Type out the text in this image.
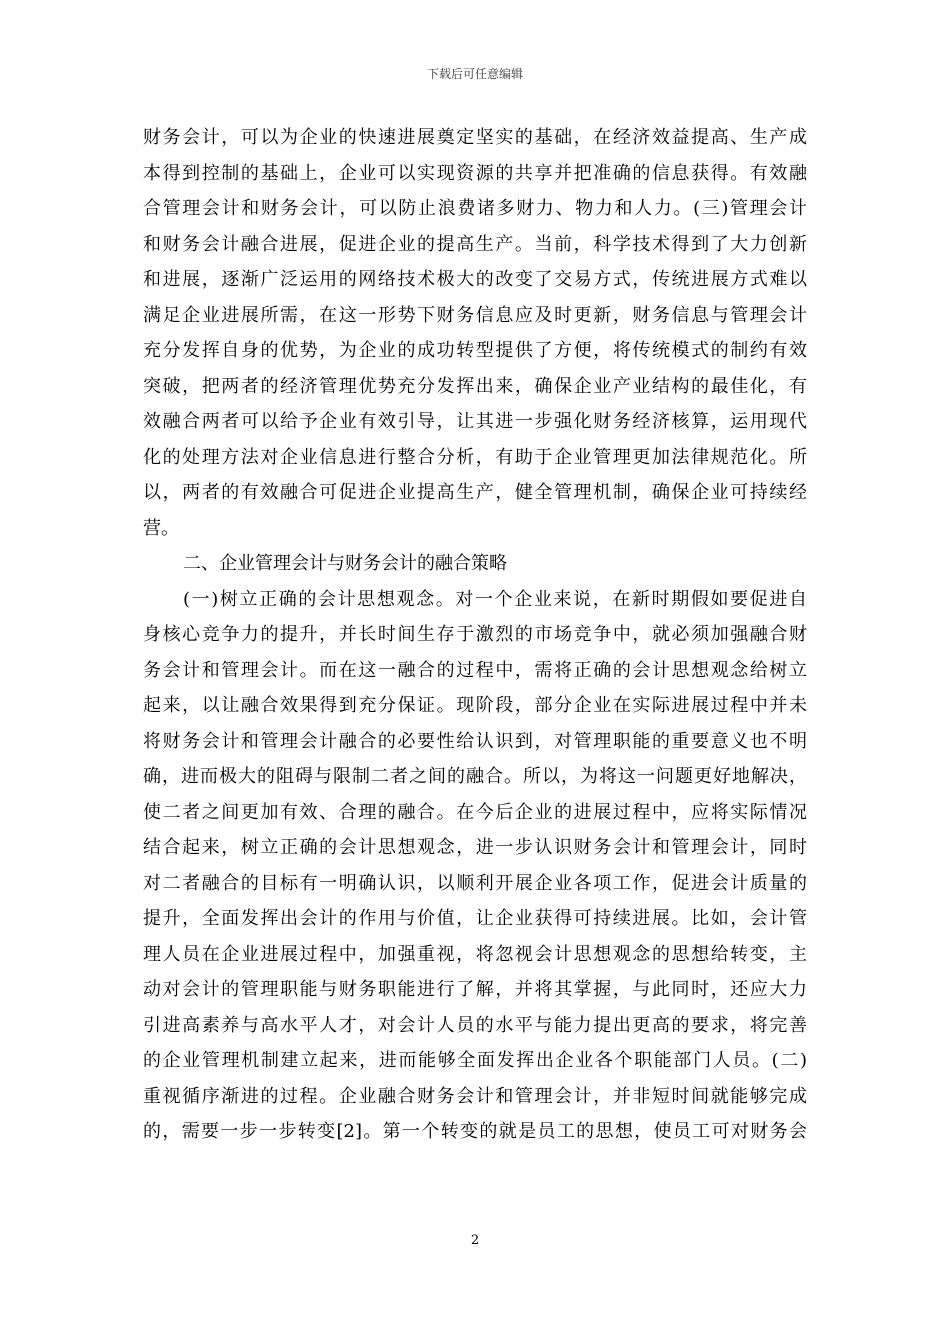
下载后可任意编辑
财务会计，可以为企业的快速进展奠定坚实的基础，在经济效益提高、生产成
本得到控制的基础上，企业可以实现资源的共享并把准确的信息获得。有效融
合管理会计和财务会计，可以防止浪费诸多财力、物力和人力。(三)管理会计
和财务会计融合进展，促进企业的提高生产。当前，科学技术得到了大力创新
和进展，逐渐广泛运用的网络技术极大的改变了交易方式，传统进展方式难以
满足企业进展所需，在这一形势下财务信息应及时更新，财务信息与管理会计
充分发挥自身的优势，为企业的成功转型提供了方便，将传统模式的制约有效
突破，把两者的经济管理优势充分发挥出来，确保企业产业结构的最佳化，有
效融合两者可以给予企业有效引导，让其进一步强化财务经济核算，运用现代
化的处理方法对企业信息进行整合分析，有助于企业管理更加法律规范化。所
以，两者的有效融合可促进企业提高生产，健全管理机制，确保企业可持续经
营。
二、企业管理会计与财务会计的融合策略
(一)树立正确的会计思想观念。对一个企业来说，在新时期假如要促进自
身核心竞争力的提升，并长时间生存于激烈的市场竞争中，就必须加强融合财
务会计和管理会计。而在这一融合的过程中，需将正确的会计思想观念给树立
起来，以让融合效果得到充分保证。现阶段，部分企业在实际进展过程中并未
将财务会计和管理会计融合的必要性给认识到，对管理职能的重要意义也不明
确，进而极大的阻碍与限制二者之间的融合。所以，为将这一问题更好地解决，
使二者之间更加有效、合理的融合。在今后企业的进展过程中，应将实际情况
结合起来，树立正确的会计思想观念，进一步认识财务会计和管理会计，同时
对二者融合的目标有一明确认识，以顺利开展企业各项工作，促进会计质量的
提升，全面发挥出会计的作用与价值，让企业获得可持续进展。比如，会计管
理人员在企业进展过程中，加强重视，将忽视会计思想观念的思想给转变，主
动对会计的管理职能与财务职能进行了解，并将其掌握，与此同时，还应大力
引进高素养与高水平人才，对会计人员的水平与能力提出更高的要求，将完善
的企业管理机制建立起来，进而能够全面发挥出企业各个职能部门人员。(二)
重视循序渐进的过程。企业融合财务会计和管理会计，并非短时间就能够完成
的，需要一步一步转变[2]。第一个转变的就是员工的思想，使员工可对财务会
2
